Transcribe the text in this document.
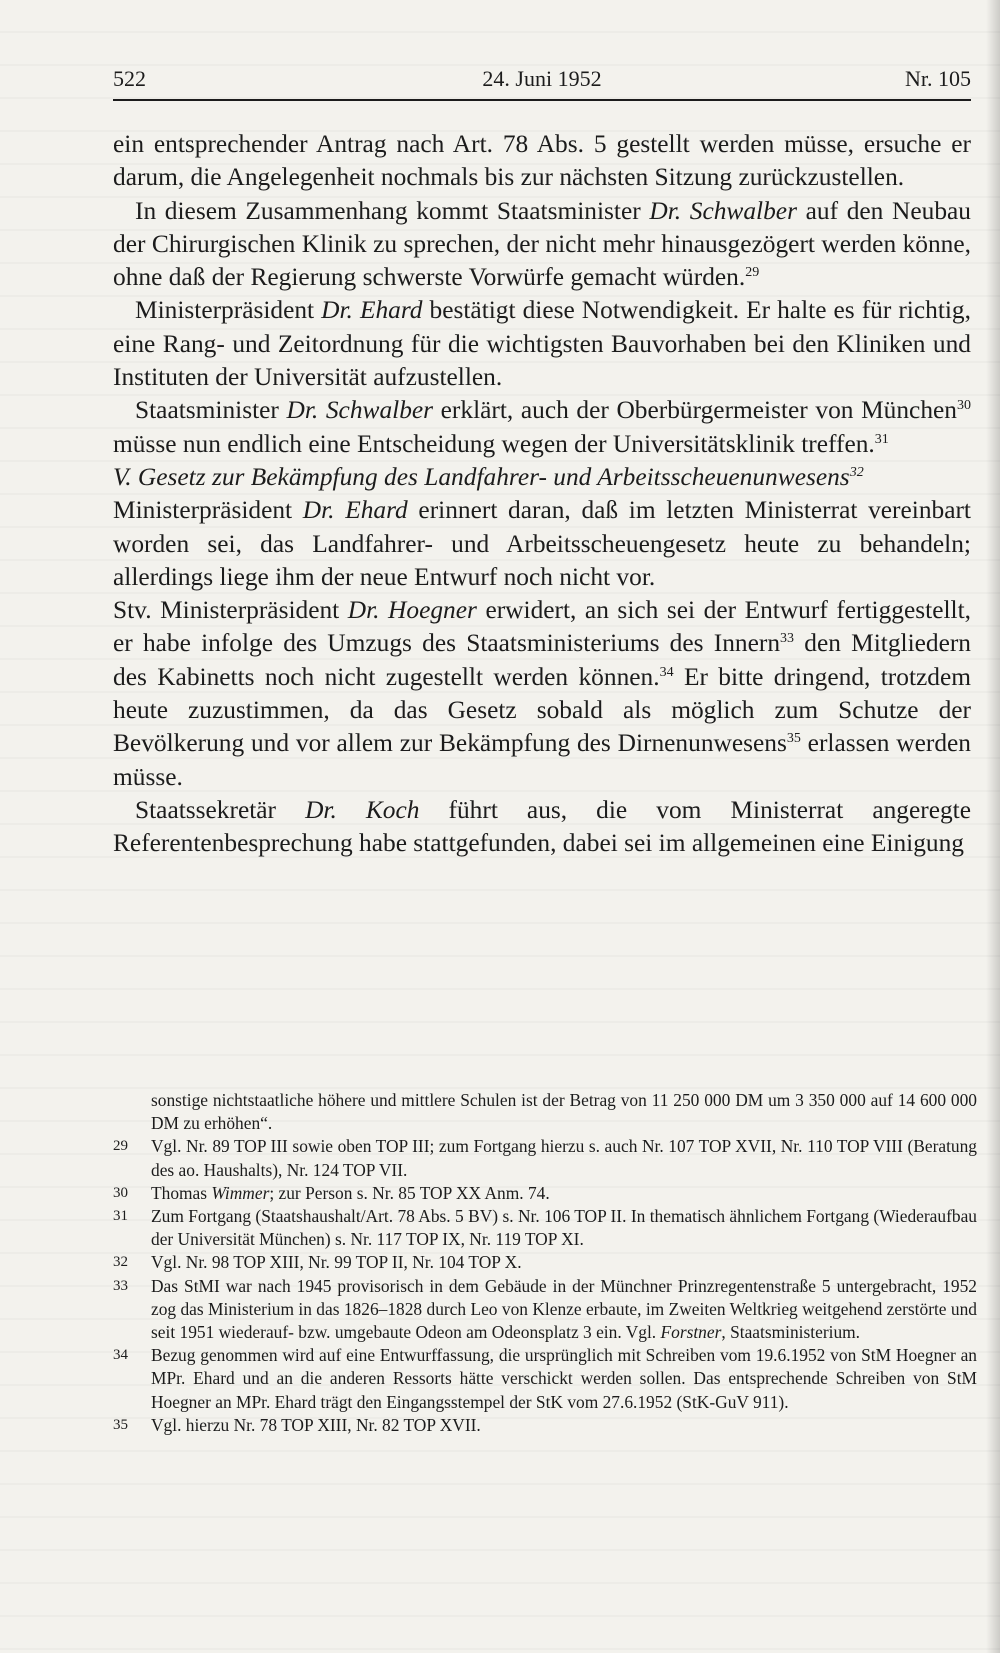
24. Juni 1952
522	Nr. 105

ein entsprechender Antrag nach Art. 78 Abs. 5 gestellt werden müsse, ersuche er darum, die Angelegenheit nochmals bis zur nächsten Sitzung zurückzustellen.

In diesem Zusammenhang kommt Staatsminister Dr. Schwalber auf den Neubau der Chirurgischen Klinik zu sprechen, der nicht mehr hinausgezögert werden könne, ohne daß der Regierung schwerste Vorwürfe gemacht würden.$^{29}$

Ministerpräsident Dr. Ehard bestätigt diese Notwendigkeit. Er halte es für richtig, eine Rang- und Zeitordnung für die wichtigsten Bauvorhaben bei den Kliniken und Instituten der Universität aufzustellen.

Staatsminister Dr. Schwalber erklärt, auch der Oberbürgermeister von München$^{30}$ müsse nun endlich eine Entscheidung wegen der Universitätsklinik treffen.$^{31}$

V. Gesetz zur Bekämpfung des Landfahrer- und Arbeitsscheuenunwesens$^{32}$

Ministerpräsident Dr. Ehard erinnert daran, daß im letzten Ministerrat vereinbart worden sei, das Landfahrer- und Arbeitsscheuengesetz heute zu behandeln; allerdings liege ihm der neue Entwurf noch nicht vor.

Stv. Ministerpräsident Dr. Hoegner erwidert, an sich sei der Entwurf fertiggestellt, er habe infolge des Umzugs des Staatsministeriums des Innern$^{33}$ den Mitgliedern des Kabinetts noch nicht zugestellt werden können.$^{34}$ Er bitte dringend, trotzdem heute zuzustimmen, da das Gesetz sobald als möglich zum Schutze der Bevölkerung und vor allem zur Bekämpfung des Dirnenunwesens$^{35}$ erlassen werden müsse.

Staatssekretär Dr. Koch führt aus, die vom Ministerrat angeregte Referentenbesprechung habe stattgefunden, dabei sei im allgemeinen eine Einigung

sonstige nichtstaatliche höhere und mittlere Schulen ist der Betrag von 11 250 000 DM um 3 350 000 auf 14 600 000 DM zu erhöhen“.
29 Vgl. Nr. 89 TOP III sowie oben TOP III; zum Fortgang hierzu s. auch Nr. 107 TOP XVII, Nr. 110 TOP VIII (Beratung des ao. Haushalts), Nr. 124 TOP VII.
30 Thomas Wimmer; zur Person s. Nr. 85 TOP XX Anm. 74.
31 Zum Fortgang (Staatshaushalt/Art. 78 Abs. 5 BV) s. Nr. 106 TOP II. In thematisch ähnlichem Fortgang (Wiederaufbau der Universität München) s. Nr. 117 TOP IX, Nr. 119 TOP XI.
32 Vgl. Nr. 98 TOP XIII, Nr. 99 TOP II, Nr. 104 TOP X.
33 Das StMI war nach 1945 provisorisch in dem Gebäude in der Münchner Prinzregentenstraße 5 untergebracht, 1952 zog das Ministerium in das 1826–1828 durch Leo von Klenze erbaute, im Zweiten Weltkrieg weitgehend zerstörte und seit 1951 wiederauf- bzw. umgebaute Odeon am Odeonsplatz 3 ein. Vgl. Forstner, Staatsministerium.
34 Bezug genommen wird auf eine Entwurffassung, die ursprünglich mit Schreiben vom 19.6.1952 von StM Hoegner an MPr. Ehard und an die anderen Ressorts hätte verschickt werden sollen. Das entsprechende Schreiben von StM Hoegner an MPr. Ehard trägt den Eingangsstempel der StK vom 27.6.1952 (StK-GuV 911).
35 Vgl. hierzu Nr. 78 TOP XIII, Nr. 82 TOP XVII.
